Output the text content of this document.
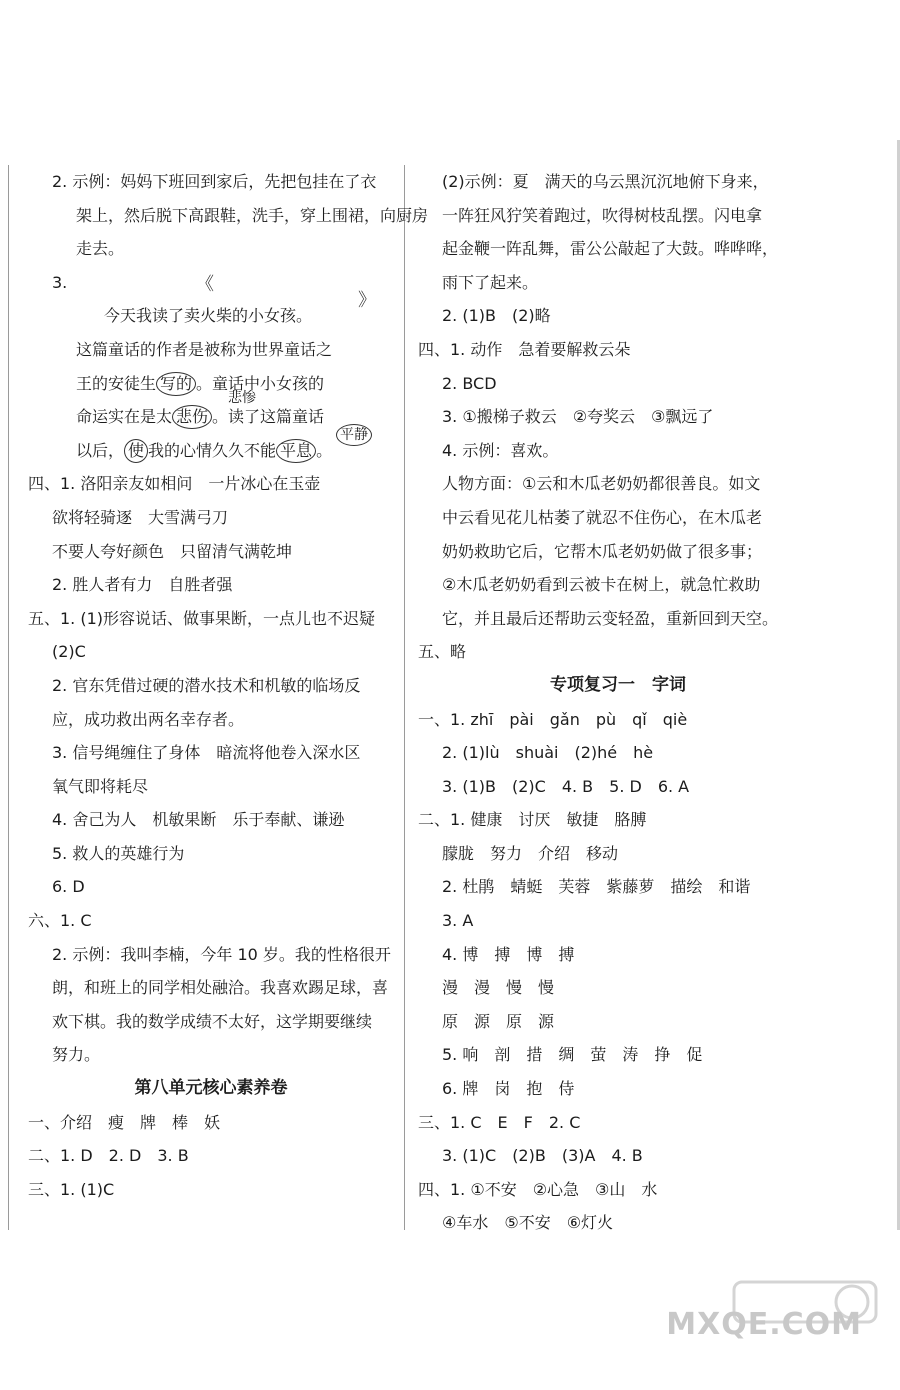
2. 示例：妈妈下班回到家后，先把包挂在了衣
架上，然后脱下高跟鞋，洗手，穿上围裙，向厨房
走去。
3.
今天我读了卖火柴的小女孩。
《
》
这篇童话的作者是被称为世界童话之
王的安徒生 写的 。童话中小女孩的
命运实在是太 悲伤 。读了这篇童话
悲惨
以后， 使 我的心情久久不能 平息 。
平静
四、1. 洛阳亲友如相问　一片冰心在玉壶
欲将轻骑逐　大雪满弓刀
不要人夸好颜色　只留清气满乾坤
2. 胜人者有力　自胜者强
五、1. (1)形容说话、做事果断，一点儿也不迟疑
(2)C
2. 官东凭借过硬的潜水技术和机敏的临场反
应，成功救出两名幸存者。
3. 信号绳缠住了身体　暗流将他卷入深水区
氧气即将耗尽
4. 舍己为人　机敏果断　乐于奉献、谦逊
5. 救人的英雄行为
6. D
六、1. C
2. 示例：我叫李楠，今年 10 岁。我的性格很开
朗，和班上的同学相处融洽。我喜欢踢足球，喜
欢下棋。我的数学成绩不太好，这学期要继续
努力。
第八单元核心素养卷
一、介绍　瘦　牌　棒　妖
二、1. D　2. D　3. B
三、1. (1)C
(2)示例：夏　满天的乌云黑沉沉地俯下身来，
一阵狂风狞笑着跑过，吹得树枝乱摆。闪电拿
起金鞭一阵乱舞，雷公公敲起了大鼓。哗哗哗，
雨下了起来。
2. (1)B　(2)略
四、1. 动作　急着要解救云朵
2. BCD
3. ①搬梯子救云　②夸奖云　③飘远了
4. 示例：喜欢。
人物方面：①云和木瓜老奶奶都很善良。如文
中云看见花儿枯萎了就忍不住伤心，在木瓜老
奶奶救助它后，它帮木瓜老奶奶做了很多事；
②木瓜老奶奶看到云被卡在树上，就急忙救助
它，并且最后还帮助云变轻盈，重新回到天空。
五、略
专项复习一　字词
一、1. zhī　pài　gǎn　pù　qǐ　qiè
2. (1)lù　shuài　(2)hé　hè
3. (1)B　(2)C　4. B　5. D　6. A
二、1. 健康　讨厌　敏捷　胳膊
朦胧　努力　介绍　移动
2. 杜鹃　蜻蜓　芙蓉　紫藤萝　描绘　和谐
3. A
4. 博　搏　博　搏
漫　漫　慢　慢
原　源　原　源
5. 响　剖　措　绸　萤　涛　挣　促
6. 牌　岗　抱　侍
三、1. C　E　F　2. C
3. (1)C　(2)B　(3)A　4. B
四、1. ①不安　②心急　③山　水
④车水　⑤不安　⑥灯火
MXQE.COM
